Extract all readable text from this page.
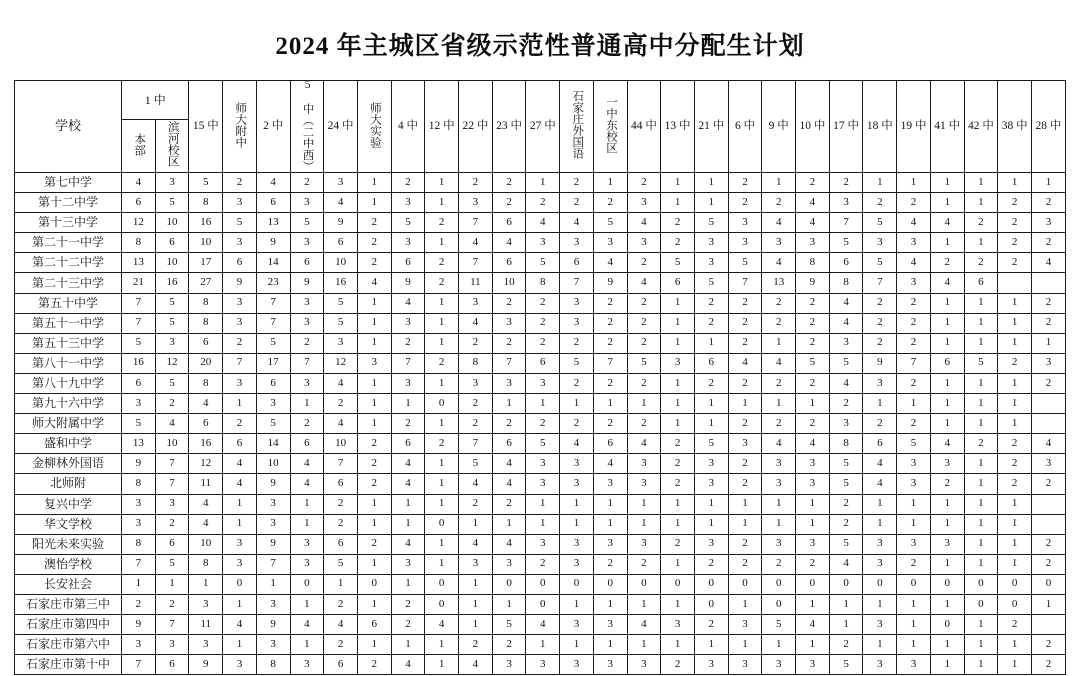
2024 年主城区省级示范性普通高中分配生计划
学校	1 中		15 中	师大附中	2 中	5 中（二中西）	24 中	师大实验	4 中	12 中	22 中	23 中	27 中	石家庄外国语	一中东校区	44 中	13 中	21 中	6 中	9 中	10 中	17 中	18 中	19 中	41 中	42 中	38 中	28 中
	本部	滨河校区																										
第七中学	4	3	5	2	4	2	3	1	2	1	2	2	1	2	1	2	1	1	2	1	2	2	1	1	1	1	1	1
第十二中学	6	5	8	3	6	3	4	1	3	1	3	2	2	2	2	3	1	1	2	2	4	3	2	2	1	1	2	2
第十三中学	12	10	16	5	13	5	9	2	5	2	7	6	4	4	5	4	2	5	3	4	4	7	5	4	4	2	2	3
第二十一中学	8	6	10	3	9	3	6	2	3	1	4	4	3	3	3	3	2	3	3	3	3	5	3	3	1	1	2	2
第二十二中学	13	10	17	6	14	6	10	2	6	2	7	6	5	6	4	2	5	3	5	4	8	6	5	4	2	2	2	4
第二十三中学	21	16	27	9	23	9	16	4	9	2	11	10	8	7	9	4	6	5	7	13	9	8	7	3	4	6		
第五十中学	7	5	8	3	7	3	5	1	4	1	3	2	2	3	2	2	1	2	2	2	2	4	2	2	1	1	1	2
第五十一中学	7	5	8	3	7	3	5	1	3	1	4	3	2	3	2	2	1	2	2	2	2	4	2	2	1	1	1	2
第五十三中学	5	3	6	2	5	2	3	1	2	1	2	2	2	2	2	2	1	1	2	1	2	3	2	2	1	1	1	1
第八十一中学	16	12	20	7	17	7	12	3	7	2	8	7	6	5	7	5	3	6	4	4	5	5	9	7	6	5	2	3
第八十九中学	6	5	8	3	6	3	4	1	3	1	3	3	3	2	2	2	1	2	2	2	2	4	3	2	1	1	1	2
第九十六中学	3	2	4	1	3	1	2	1	1	0	2	1	1	1	1	1	1	1	1	1	1	2	1	1	1	1	1	
师大附属中学	5	4	6	2	5	2	4	1	2	1	2	2	2	2	2	2	1	1	2	2	2	3	2	2	1	1	1	
盛和中学	13	10	16	6	14	6	10	2	6	2	7	6	5	4	6	4	2	5	3	4	4	8	6	5	4	2	2	4
金柳林外国语	9	7	12	4	10	4	7	2	4	1	5	4	3	3	4	3	2	3	2	3	3	5	4	3	3	1	2	3
北师附	8	7	11	4	9	4	6	2	4	1	4	4	3	3	3	3	2	3	2	3	3	5	4	3	2	1	2	2
复兴中学	3	3	4	1	3	1	2	1	1	1	2	2	1	1	1	1	1	1	1	1	1	2	1	1	1	1	1	
华文学校	3	2	4	1	3	1	2	1	1	0	1	1	1	1	1	1	1	1	1	1	1	2	1	1	1	1	1	
阳光未来实验	8	6	10	3	9	3	6	2	4	1	4	4	3	3	3	3	2	3	2	3	3	5	3	3	3	1	1	2
澳怡学校	7	5	8	3	7	3	5	1	3	1	3	3	2	3	2	2	1	2	2	2	2	4	3	2	1	1	1	2
长安社会	1	1	1	0	1	0	1	0	1	0	1	0	0	0	0	0	0	0	0	0	0	0	0	0	0	0	0	0
石家庄市第三中	2	2	3	1	3	1	2	1	2	0	1	1	0	1	1	1	1	0	1	0	1	1	1	1	1	0	0	1
石家庄市第四中	9	7	11	4	9	4	4	6	2	4	1	5	4	3	3	4	3	2	3	5	4	1	3	1	0	1	2	
石家庄市第六中	3	3	3	1	3	1	2	1	1	1	2	2	1	1	1	1	1	1	1	1	1	2	1	1	1	1	1	2
石家庄市第十中	7	6	9	3	8	3	6	2	4	1	4	3	3	3	3	3	2	3	3	3	3	5	3	3	1	1	1	2
